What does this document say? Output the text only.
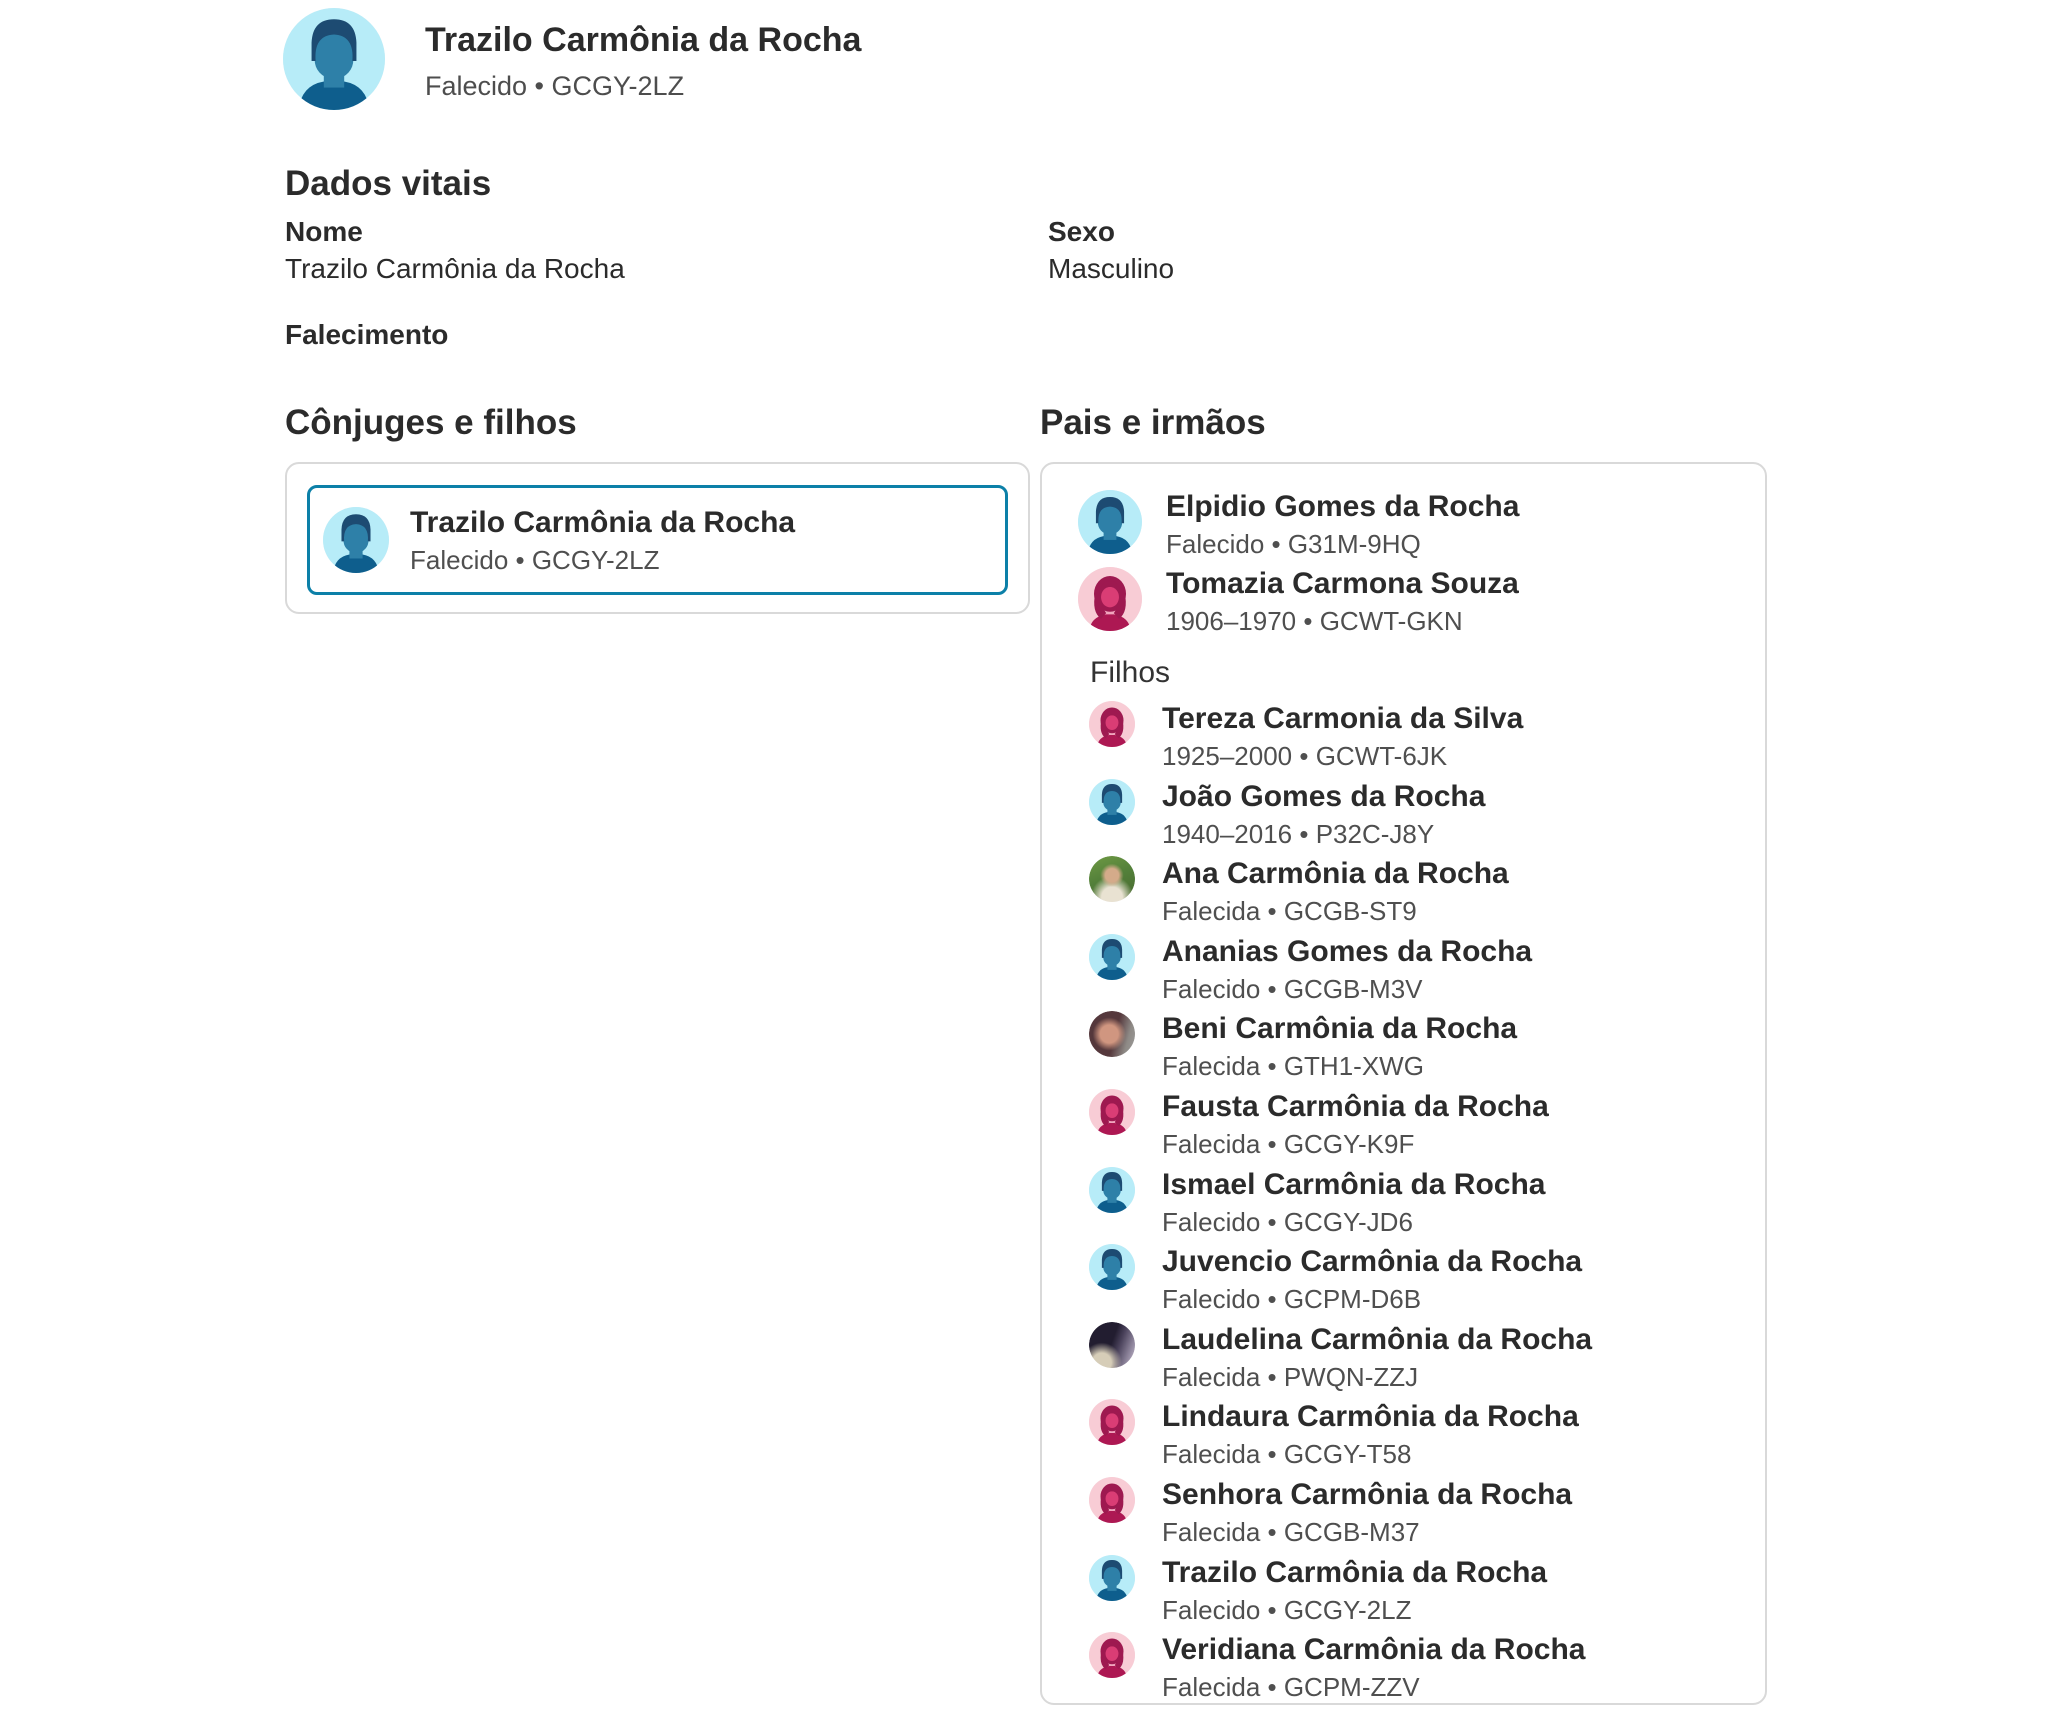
Trazilo Carmônia da Rocha
Falecido • GCGY-2LZ
Dados vitais
Nome
Trazilo Carmônia da Rocha
Sexo
Masculino
Falecimento
Cônjuges e filhos	Pais e irmãos
Trazilo Carmônia da Rocha
Falecido • GCGY-2LZ
Elpidio Gomes da Rocha
Falecido • G31M-9HQ
Tomazia Carmona Souza
1906–1970 • GCWT-GKN
Filhos
Tereza Carmonia da Silva
1925–2000 • GCWT-6JK
João Gomes da Rocha
1940–2016 • P32C-J8Y
Ana Carmônia da Rocha
Falecida • GCGB-ST9
Ananias Gomes da Rocha
Falecido • GCGB-M3V
Beni Carmônia da Rocha
Falecida • GTH1-XWG
Fausta Carmônia da Rocha
Falecida • GCGY-K9F
Ismael Carmônia da Rocha
Falecido • GCGY-JD6
Juvencio Carmônia da Rocha
Falecido • GCPM-D6B
Laudelina Carmônia da Rocha
Falecida • PWQN-ZZJ
Lindaura Carmônia da Rocha
Falecida • GCGY-T58
Senhora Carmônia da Rocha
Falecida • GCGB-M37
Trazilo Carmônia da Rocha
Falecido • GCGY-2LZ
Veridiana Carmônia da Rocha
Falecida • GCPM-ZZV
